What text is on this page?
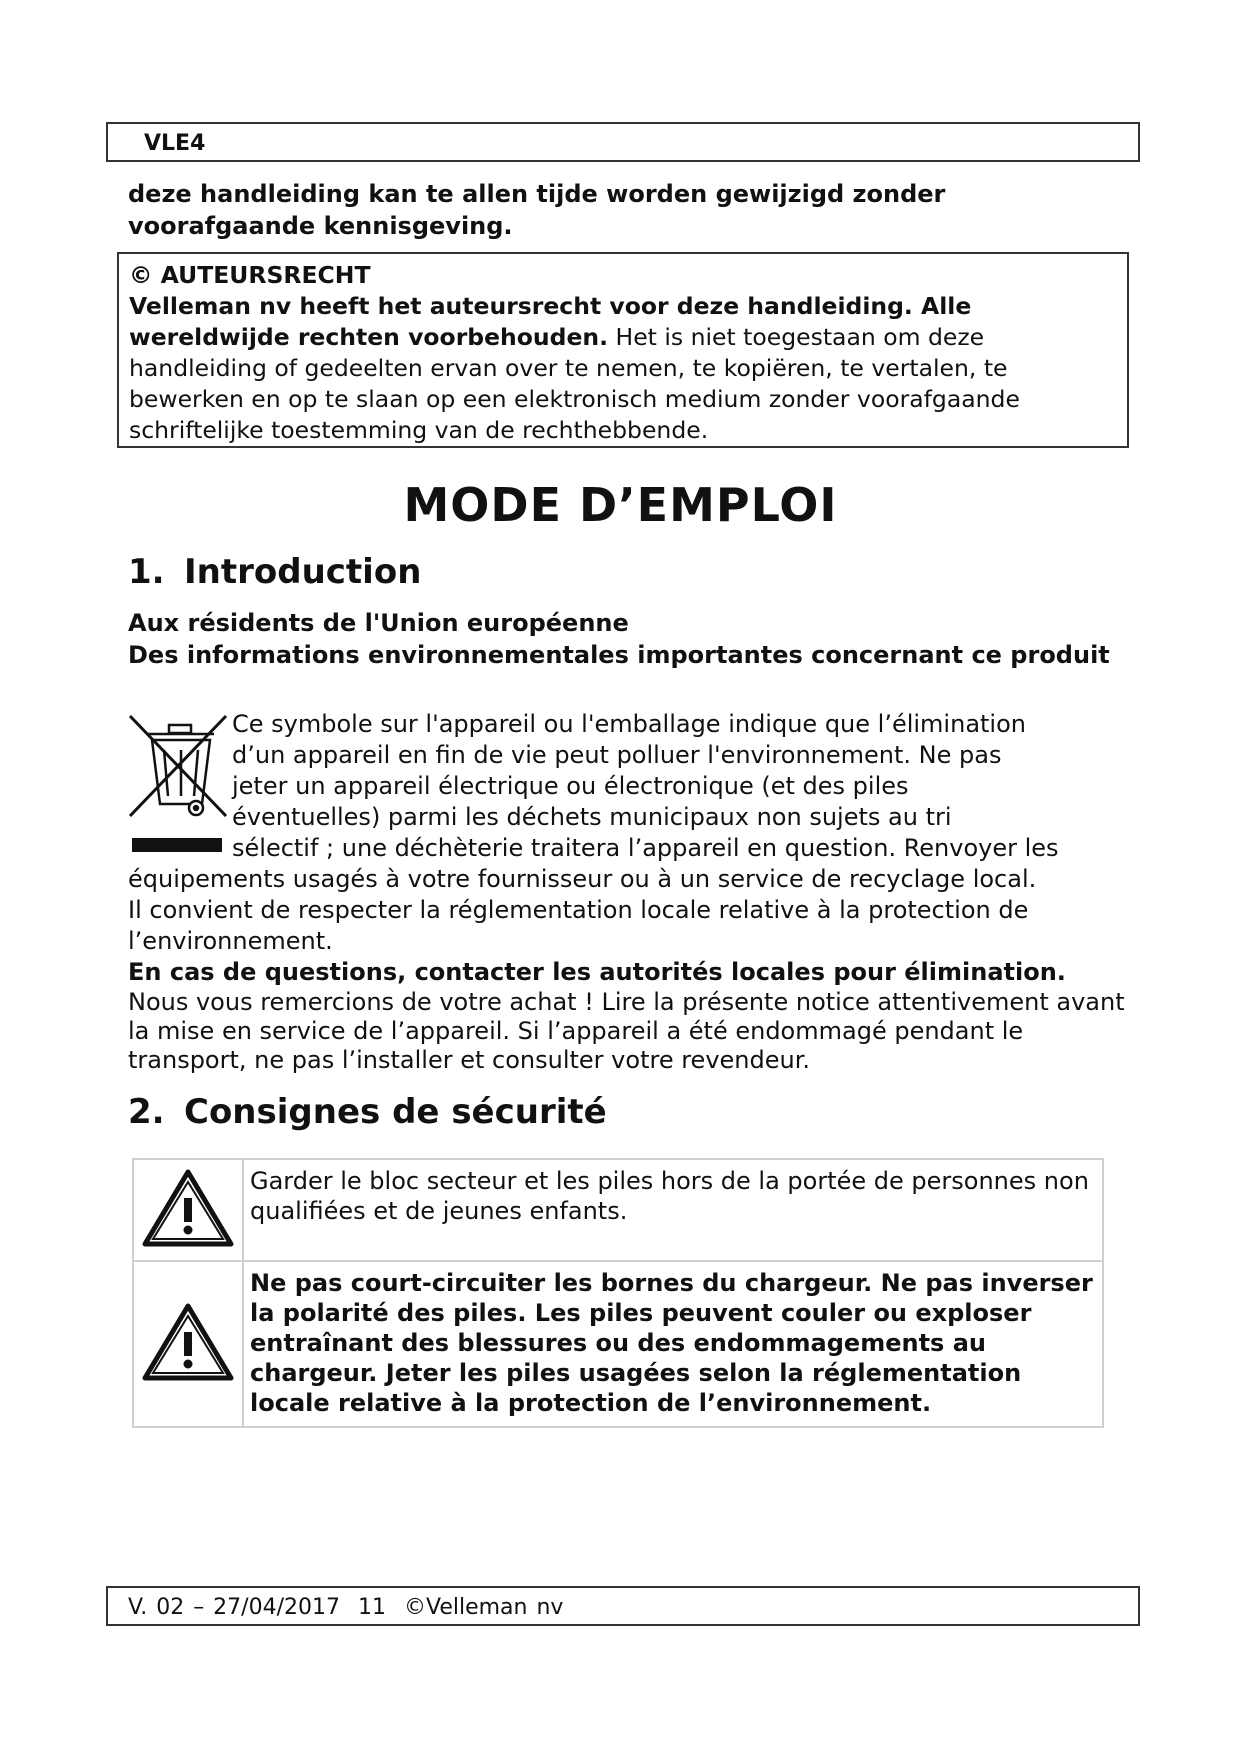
VLE4
deze handleiding kan te allen tijde worden gewijzigd zonder voorafgaande kennisgeving.
© AUTEURSRECHT
Velleman nv heeft het auteursrecht voor deze handleiding. Alle wereldwijde rechten voorbehouden. Het is niet toegestaan om deze handleiding of gedeelten ervan over te nemen, te kopiëren, te vertalen, te bewerken en op te slaan op een elektronisch medium zonder voorafgaande schriftelijke toestemming van de rechthebbende.
MODE D’EMPLOI
1. Introduction
Aux résidents de l'Union européenne
Des informations environnementales importantes concernant ce produit
Ce symbole sur l'appareil ou l'emballage indique que l’élimination
d’un appareil en fin de vie peut polluer l'environnement. Ne pas
jeter un appareil électrique ou électronique (et des piles
éventuelles) parmi les déchets municipaux non sujets au tri
sélectif ; une déchèterie traitera l’appareil en question. Renvoyer les
équipements usagés à votre fournisseur ou à un service de recyclage local.
Il convient de respecter la réglementation locale relative à la protection de
l’environnement.
En cas de questions, contacter les autorités locales pour élimination.
Nous vous remercions de votre achat ! Lire la présente notice attentivement avant la mise en service de l’appareil. Si l’appareil a été endommagé pendant le transport, ne pas l’installer et consulter votre revendeur.
2. Consignes de sécurité
	Garder le bloc secteur et les piles hors de la portée de personnes non qualifiées et de jeunes enfants.
	Ne pas court-circuiter les bornes du chargeur. Ne pas inverser la polarité des piles. Les piles peuvent couler ou exploser entraînant des blessures ou des endommagements au chargeur. Jeter les piles usagées selon la réglementation locale relative à la protection de l’environnement.
V. 02 – 27/04/2017 11 ©Velleman nv
